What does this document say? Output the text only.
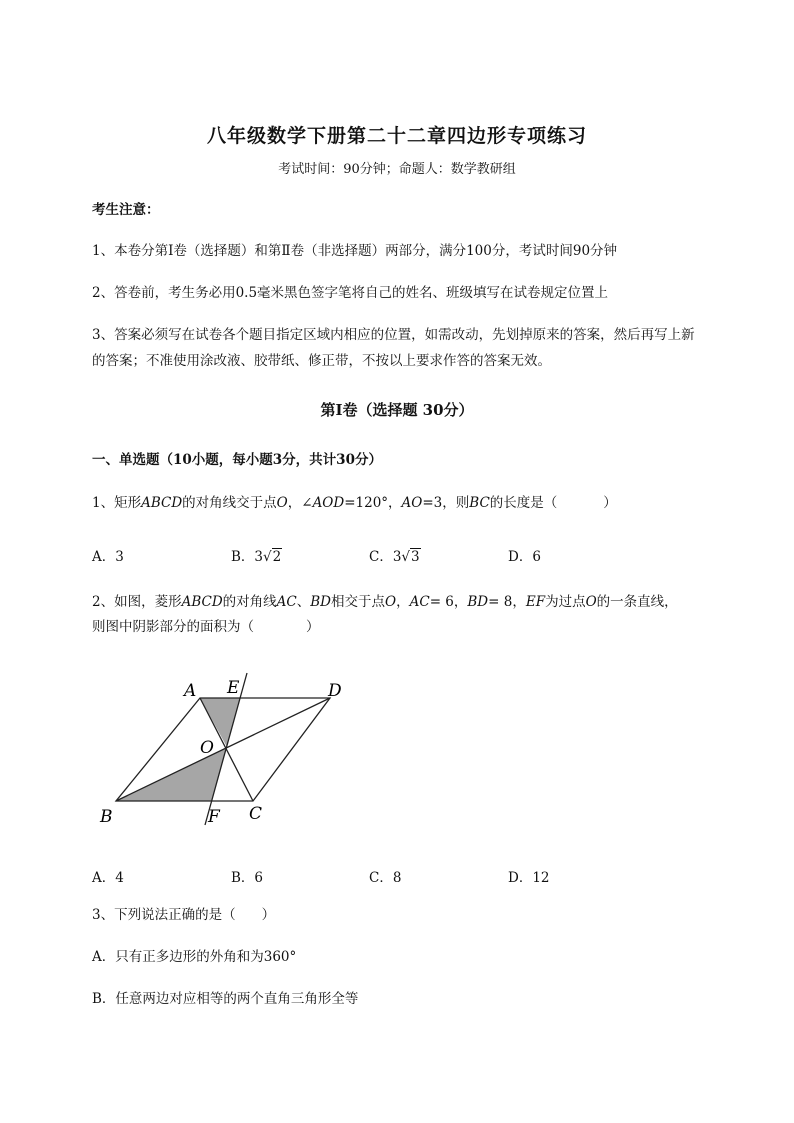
八年级数学下册第二十二章四边形专项练习
考试时间：90分钟；命题人：数学教研组
考生注意：
1、本卷分第I卷（选择题）和第Ⅱ卷（非选择题）两部分，满分100分，考试时间90分钟
2、答卷前，考生务必用0.5毫米黑色签字笔将自己的姓名、班级填写在试卷规定位置上
3、答案必须写在试卷各个题目指定区域内相应的位置，如需改动，先划掉原来的答案，然后再写上新
的答案；不准使用涂改液、胶带纸、修正带，不按以上要求作答的答案无效。
第I卷（选择题 30分）
一、单选题（10小题，每小题3分，共计30分）
1、矩形ABCD的对角线交于点O，∠AOD=120°，AO=3，则BC的长度是（	）
A．3	B．3√2	C．3√3	D．6
2、如图，菱形ABCD的对角线AC、BD相交于点O，AC= 6，BD= 8，EF为过点O的一条直线，
则图中阴影部分的面积为（	）
A E	D
O
B	F C
A．4	B．6	C．8	D．12
3、下列说法正确的是（ ）
A．只有正多边形的外角和为360°
B．任意两边对应相等的两个直角三角形全等
